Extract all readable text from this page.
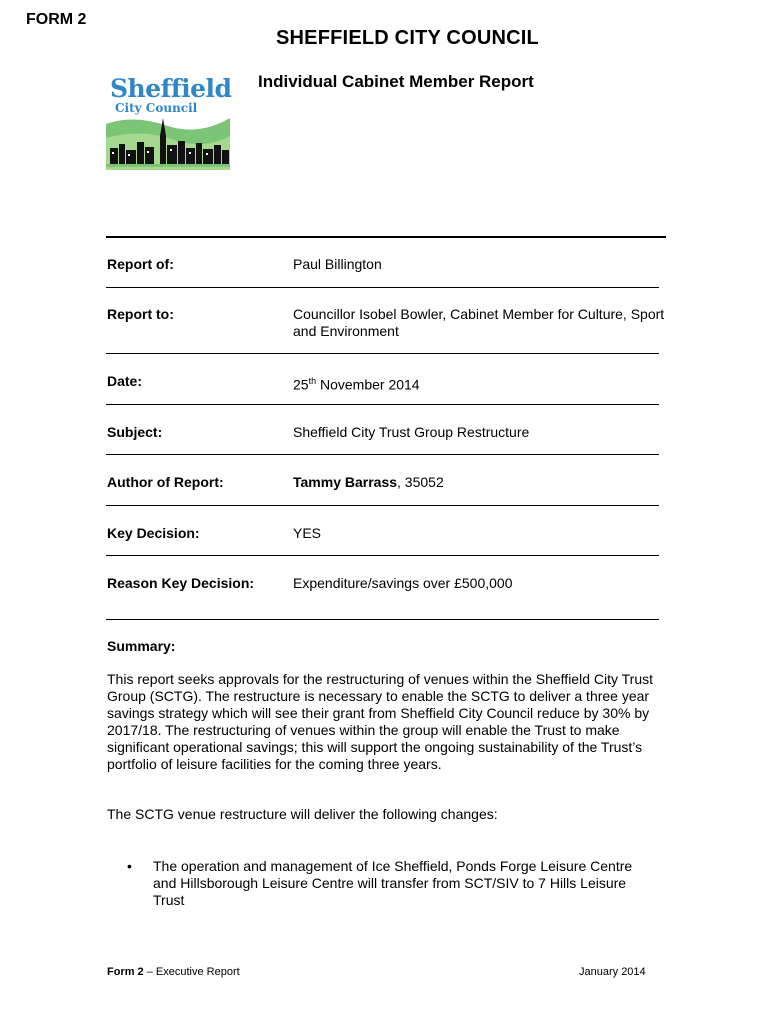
FORM 2
SHEFFIELD CITY COUNCIL
Individual Cabinet Member Report
Sheffield
City Council
Report of:	Paul Billington
Report to:	Councillor Isobel Bowler, Cabinet Member for Culture, Sport and Environment
Date:	25th November 2014
Subject:	Sheffield City Trust Group Restructure
Author of Report:	Tammy Barrass, 35052
Key Decision:	YES
Reason Key Decision:	Expenditure/savings over £500,000
Summary:
This report seeks approvals for the restructuring of venues within the Sheffield City Trust Group (SCTG). The restructure is necessary to enable the SCTG to deliver a three year savings strategy which will see their grant from Sheffield City Council reduce by 30% by 2017/18. The restructuring of venues within the group will enable the Trust to make significant operational savings; this will support the ongoing sustainability of the Trust’s portfolio of leisure facilities for the coming three years.
The SCTG venue restructure will deliver the following changes:
• The operation and management of Ice Sheffield, Ponds Forge Leisure Centre and Hillsborough Leisure Centre will transfer from SCT/SIV to 7 Hills Leisure Trust
Form 2 – Executive Report	January 2014
